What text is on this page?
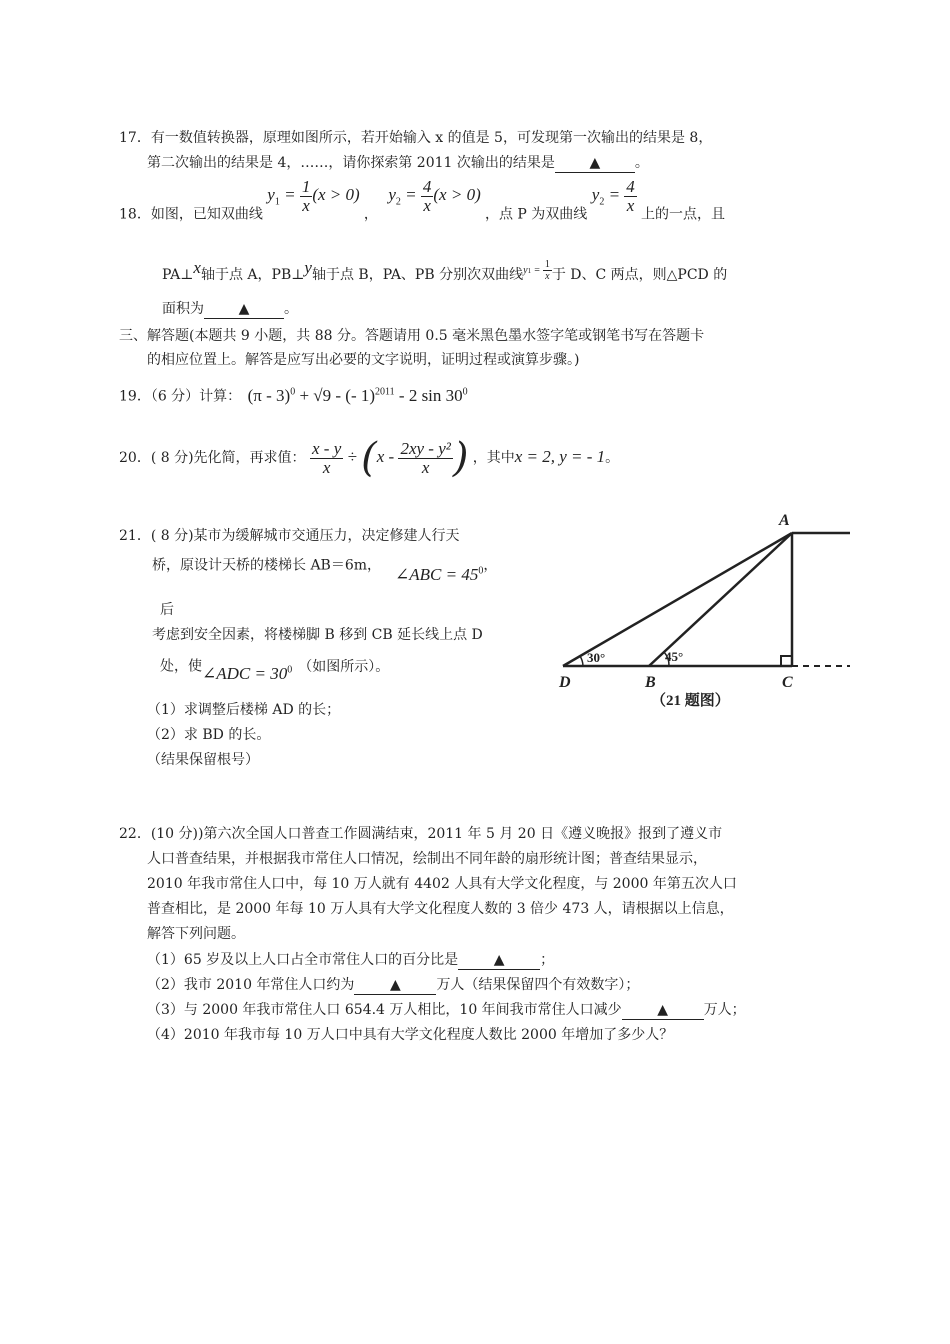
17．有一数值转换器，原理如图所示，若开始输入 x 的值是 5，可发现第一次输出的结果是 8，
第二次输出的结果是 4，……，请你探索第 2011 次输出的结果是 ▲ 。
18．如图，已知双曲线 $y_1 = \frac{1}{x} (x > 0)$ ， $y_2 = \frac{4}{x} (x > 0)$ ，点 P 为双曲线 $y_2 = \frac{4}{x}$ 上的一点，且
PA⊥x轴于点 A，PB⊥y轴于点 B，PA、PB 分别次双曲线$^{y1 = \frac{1}{x}}$ 于 D、C 两点，则△PCD 的
面积为 ▲ 。
三、解答题(本题共 9 小题，共 88 分。答题请用 0.5 毫米黑色墨水签字笔或钢笔书写在答题卡
的相应位置上。解答是应写出必要的文字说明，证明过程或演算步骤。)
19．（6 分）计算： (π - 3)$^0$ + √9 - (- 1)$^{2011}$ - 2 $\sin 30^0$
20．( 8 分)先化简，再求值： $\frac{x - y}{x} \div (x - \frac{\text{2xy - y²}}{x}$ ) ，其中x = 2, y = - 1。
21．( 8 分)某市为缓解城市交通压力，决定修建人行天
桥，原设计天桥的楼梯长 AB＝6m， ∠ABC = $45^0$，
后
考虑到安全因素，将楼梯脚 B 移到 CB 延长线上点 D
处，使∠ADC = $30^0$ （如图所示）。
（1）求调整后楼梯 AD 的长；
（2）求 BD 的长。
（结果保留根号）
A
D	B	C
30°	45°
（21 题图）
22．(10 分))第六次全国人口普查工作圆满结束，2011 年 5 月 20 日《遵义晚报》报到了遵义市
人口普查结果，并根据我市常住人口情况，绘制出不同年龄的扇形统计图；普查结果显示，
2010 年我市常住人口中，每 10 万人就有 4402 人具有大学文化程度，与 2000 年第五次人口
普查相比，是 2000 年每 10 万人具有大学文化程度人数的 3 倍少 473 人，请根据以上信息，
解答下列问题。
（1）65 岁及以上人口占全市常住人口的百分比是	▲	；
（2）我市 2010 年常住人口约为	▲	万人（结果保留四个有效数字）；
（3）与 2000 年我市常住人口 654.4 万人相比，10 年间我市常住人口减少	▲	万人；
（4）2010 年我市每 10 万人口中具有大学文化程度人数比 2000 年增加了多少人？
